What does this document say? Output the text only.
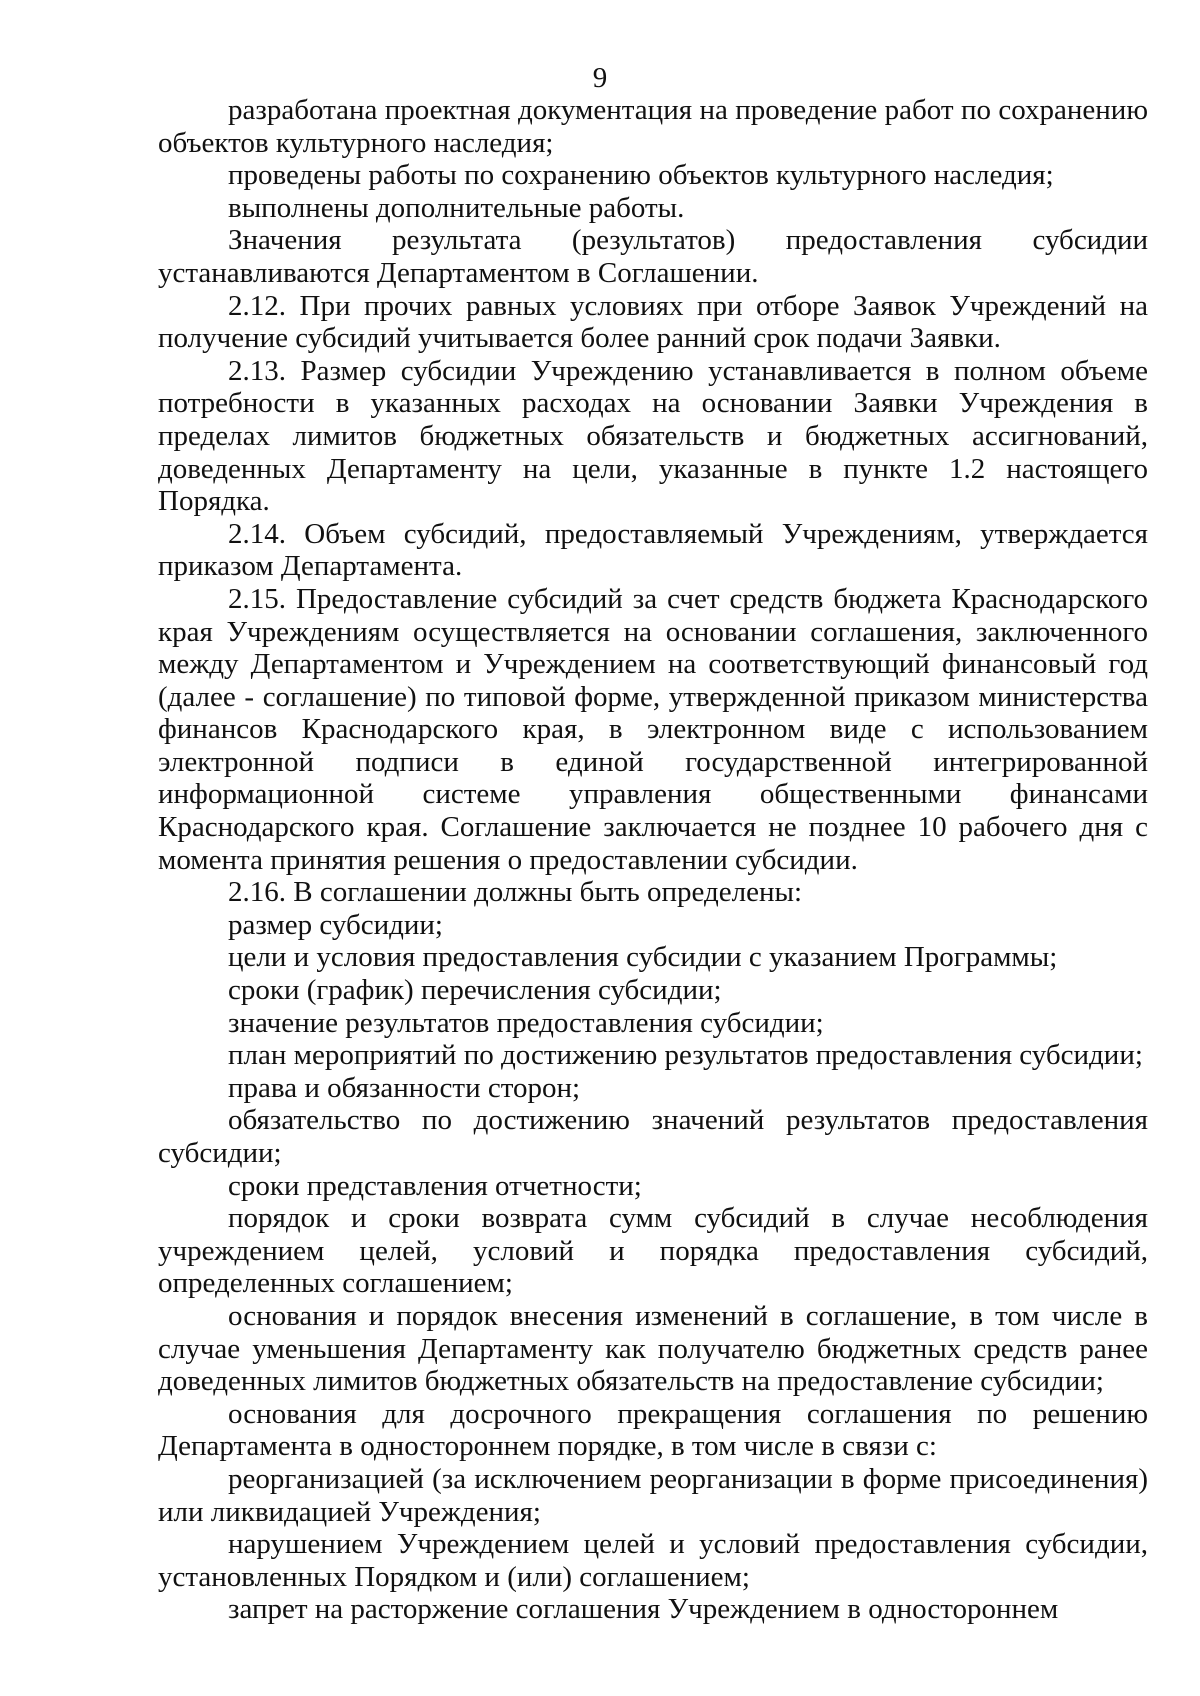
9

разработана проектная документация на проведение работ по сохранению объектов культурного наследия;

проведены работы по сохранению объектов культурного наследия;

выполнены дополнительные работы.

Значения результата (результатов) предоставления субсидии устанавливаются Департаментом в Соглашении.

2.12. При прочих равных условиях при отборе Заявок Учреждений на получение субсидий учитывается более ранний срок подачи Заявки.

2.13. Размер субсидии Учреждению устанавливается в полном объеме потребности в указанных расходах на основании Заявки Учреждения в пределах лимитов бюджетных обязательств и бюджетных ассигнований, доведенных Департаменту на цели, указанные в пункте 1.2 настоящего Порядка.

2.14. Объем субсидий, предоставляемый Учреждениям, утверждается приказом Департамента.

2.15. Предоставление субсидий за счет средств бюджета Краснодарского края Учреждениям осуществляется на основании соглашения, заключенного между Департаментом и Учреждением на соответствующий финансовый год (далее - соглашение) по типовой форме, утвержденной приказом министерства финансов Краснодарского края, в электронном виде с использованием электронной подписи в единой государственной интегрированной информационной системе управления общественными финансами Краснодарского края. Соглашение заключается не позднее 10 рабочего дня с момента принятия решения о предоставлении субсидии.

2.16. В соглашении должны быть определены:

размер субсидии;

цели и условия предоставления субсидии с указанием Программы;

сроки (график) перечисления субсидии;

значение результатов предоставления субсидии;

план мероприятий по достижению результатов предоставления субсидии;

права и обязанности сторон;

обязательство по достижению значений результатов предоставления субсидии;

сроки представления отчетности;

порядок и сроки возврата сумм субсидий в случае несоблюдения учреждением целей, условий и порядка предоставления субсидий, определенных соглашением;

основания и порядок внесения изменений в соглашение, в том числе в случае уменьшения Департаменту как получателю бюджетных средств ранее доведенных лимитов бюджетных обязательств на предоставление субсидии;

основания для досрочного прекращения соглашения по решению Департамента в одностороннем порядке, в том числе в связи с:

реорганизацией (за исключением реорганизации в форме присоединения) или ликвидацией Учреждения;

нарушением Учреждением целей и условий предоставления субсидии, установленных Порядком и (или) соглашением;

запрет на расторжение соглашения Учреждением в одностороннем
